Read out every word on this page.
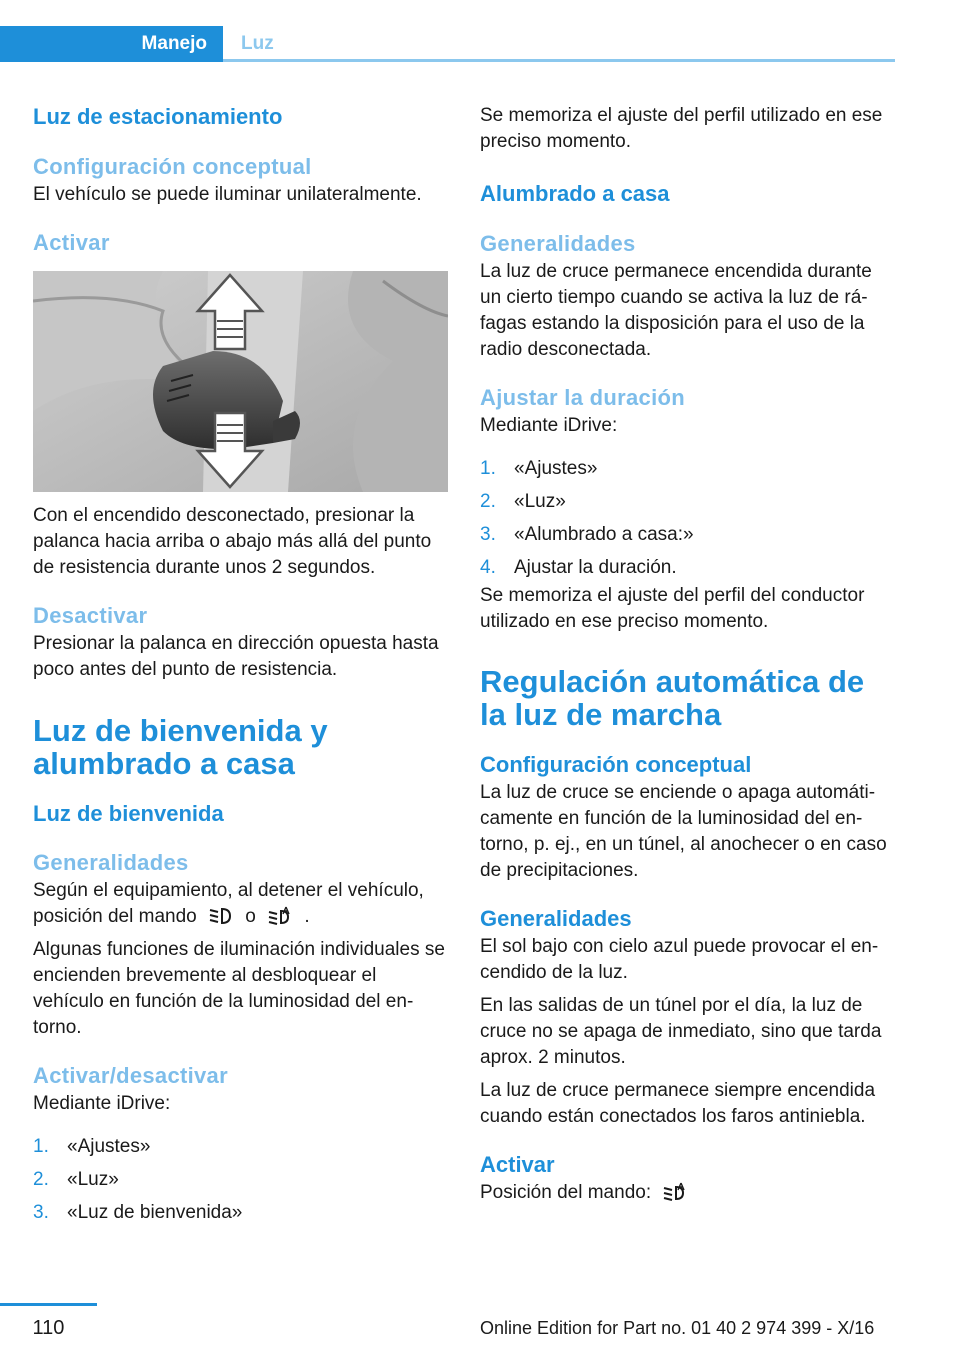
Manejo	Luz
Luz de estacionamiento
Configuración conceptual

El vehículo se puede iluminar unilateralmente.

Activar

Con el encendido desconectado, presionar la palanca hacia arriba o abajo más allá del punto de resistencia durante unos 2 segundos.

Desactivar

Presionar la palanca en dirección opuesta hasta poco antes del punto de resistencia.

Luz de bienvenida y alumbrado a casa
Luz de bienvenida
Generalidades

Según el equipamiento, al detener el vehículo, posición del mando	o	.

Algunas funciones de iluminación individuales se encienden brevemente al desbloquear el vehículo en función de la luminosidad del entorno.

Activar/desactivar

Mediante iDrive:

1. «Ajustes»
2. «Luz»
3. «Luz de bienvenida»

Se memoriza el ajuste del perfil utilizado en ese preciso momento.

Alumbrado a casa
Generalidades

La luz de cruce permanece encendida durante un cierto tiempo cuando se activa la luz de ráfagas estando la disposición para el uso de la radio desconectada.

Ajustar la duración

Mediante iDrive:

1. «Ajustes»
2. «Luz»
3. «Alumbrado a casa:»
4. Ajustar la duración.

Se memoriza el ajuste del perfil del conductor utilizado en ese preciso momento.

Regulación automática de la luz de marcha
Configuración conceptual

La luz de cruce se enciende o apaga automáticamente en función de la luminosidad del entorno, p. ej., en un túnel, al anochecer o en caso de precipitaciones.

Generalidades

El sol bajo con cielo azul puede provocar el encendido de la luz.

En las salidas de un túnel por el día, la luz de cruce no se apaga de inmediato, sino que tarda aprox. 2 minutos.

La luz de cruce permanece siempre encendida cuando están conectados los faros antiniebla.

Activar

Posición del mando:

110	Online Edition for Part no. 01 40 2 974 399 - X/16
